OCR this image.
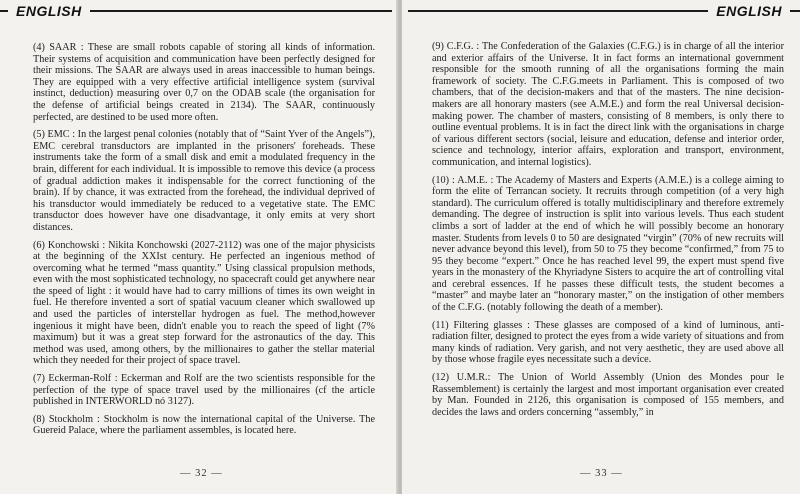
ENGLISH

(4) SAAR : These are small robots capable of storing all kinds of information. Their systems of acquisition and communication have been perfectly designed for their missions. The SAAR are always used in areas inaccessible to human beings. They are equipped with a very effective artificial intelligence system (survival instinct, deduction) measuring over 0,7 on the ODAB scale (the organisation for the defense of artificial beings created in 2134). The SAAR, continuously perfected, are destined to be used more often.

(5) EMC : In the largest penal colonies (notably that of “Saint Yver of the Angels”), EMC cerebral transductors are implanted in the prisoners' foreheads. These instruments take the form of a small disk and emit a modulated frequency in the brain, different for each individual. It is impossible to remove this device (a process of gradual addiction makes it indispensable for the correct functioning of the brain). If by chance, it was extracted from the forehead, the individual deprived of his transductor would immediately be reduced to a vegetative state. The EMC transductor does however have one disadvantage, it only emits at very short distances.

(6) Konchowski : Nikita Konchowski (2027-2112) was one of the major physicists at the beginning of the XXIst century. He perfected an ingenious method of overcoming what he termed “mass quantity.” Using classical propulsion methods, even with the most sophisticated technology, no spacecraft could get anywhere near the speed of light : it would have had to carry millions of times its own weight in fuel. He therefore invented a sort of spatial vacuum cleaner which swallowed up and used the particles of interstellar hydrogen as fuel. The method,however ingenious it might have been, didn't enable you to reach the speed of light (7% maximum) but it was a great step forward for the astronautics of the day. This method was used, among others, by the millionaires to gather the stellar material which they needed for their project of space travel.

(7) Eckerman-Rolf : Eckerman and Rolf are the two scientists responsible for the perfection of the type of space travel used by the millionaires (cf the article published in INTERWORLD nó 3127).

(8) Stockholm : Stockholm is now the international capital of the Universe. The Guereid Palace, where the parliament assembles, is located here.

— 32 —
ENGLISH

(9) C.F.G. : The Confederation of the Galaxies (C.F.G.) is in charge of all the interior and exterior affairs of the Universe. It in fact forms an international government responsible for the smooth running of all the organisations forming the main framework of society. The C.F.G.meets in Parliament. This is composed of two chambers, that of the decision-makers and that of the masters. The nine decision-makers are all honorary masters (see A.M.E.) and form the real Universal decision-making power. The chamber of masters, consisting of 8 members, is only there to outline eventual problems. It is in fact the direct link with the organisations in charge of various different sectors (social, leisure and education, defense and interior order, science and technology, interior affairs, exploration and transport, environment, communication, and internal logistics).

(10) : A.M.E. : The Academy of Masters and Experts (A.M.E.) is a college aiming to form the elite of Terrancan society. It recruits through competition (of a very high standard). The curriculum offered is totally multidisciplinary and therefore extremely demanding. The degree of instruction is split into various levels. Thus each student climbs a sort of ladder at the end of which he will possibly become an honorary master. Students from levels 0 to 50 are designated “virgin” (70% of new recruits will never advance beyond this level), from 50 to 75 they become “confirmed,” from 75 to 95 they become “expert.” Once he has reached level 99, the expert must spend five years in the monastery of the Khyriadyne Sisters to acquire the art of controlling vital and cerebral essences. If he passes these difficult tests, the student becomes a “master” and maybe later an “honorary master,” on the instigation of other members of the C.F.G. (notably following the death of a member).

(11) Filtering glasses : These glasses are composed of a kind of luminous, anti-radiation filter, designed to protect the eyes from a wide variety of situations and from many kinds of radiation. Very garish, and not very aesthetic, they are used above all by those whose fragile eyes necessitate such a device.

(12) U.M.R.: The Union of World Assembly (Union des Mondes pour le Rassemblement) is certainly the largest and most important organisation ever created by Man. Founded in 2126, this organisation is composed of 155 members, and decides the laws and orders concerning “assembly,” in

— 33 —
